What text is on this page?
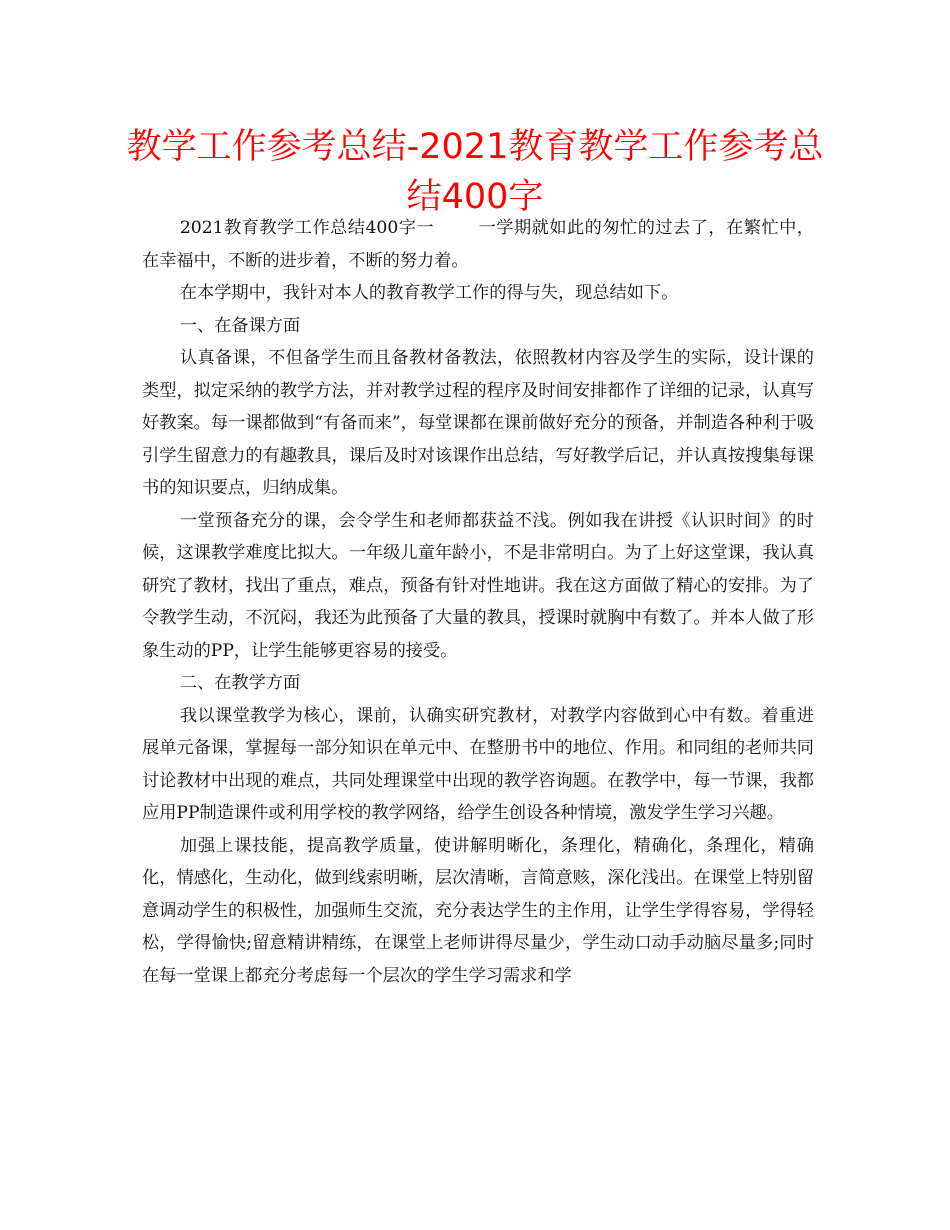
教学工作参考总结-2021教育教学工作参考总结400字

2021教育教学工作总结400字一	一学期就如此的匆忙的过去了，在繁忙中，在幸福中，不断的进步着，不断的努力着。

在本学期中，我针对本人的教育教学工作的得与失，现总结如下。

一、在备课方面

认真备课，不但备学生而且备教材备教法，依照教材内容及学生的实际，设计课的类型，拟定采纳的教学方法，并对教学过程的程序及时间安排都作了详细的记录，认真写好教案。每一课都做到“有备而来”，每堂课都在课前做好充分的预备，并制造各种利于吸引学生留意力的有趣教具，课后及时对该课作出总结，写好教学后记，并认真按搜集每课书的知识要点，归纳成集。

一堂预备充分的课，会令学生和老师都获益不浅。例如我在讲授《认识时间》的时候，这课教学难度比拟大。一年级儿童年龄小，不是非常明白。为了上好这堂课，我认真研究了教材，找出了重点，难点，预备有针对性地讲。我在这方面做了精心的安排。为了令教学生动，不沉闷，我还为此预备了大量的教具，授课时就胸中有数了。并本人做了形象生动的PP，让学生能够更容易的接受。

二、在教学方面

我以课堂教学为核心，课前，认确实研究教材，对教学内容做到心中有数。着重进展单元备课，掌握每一部分知识在单元中、在整册书中的地位、作用。和同组的老师共同讨论教材中出现的难点，共同处理课堂中出现的教学咨询题。在教学中，每一节课，我都应用PP制造课件或利用学校的教学网络，给学生创设各种情境，激发学生学习兴趣。

加强上课技能，提高教学质量，使讲解明晰化，条理化，精确化，条理化，精确化，情感化，生动化，做到线索明晰，层次清晰，言简意赅，深化浅出。在课堂上特别留意调动学生的积极性，加强师生交流，充分表达学生的主作用，让学生学得容易，学得轻松，学得愉快;留意精讲精练，在课堂上老师讲得尽量少，学生动口动手动脑尽量多;同时在每一堂课上都充分考虑每一个层次的学生学习需求和学
